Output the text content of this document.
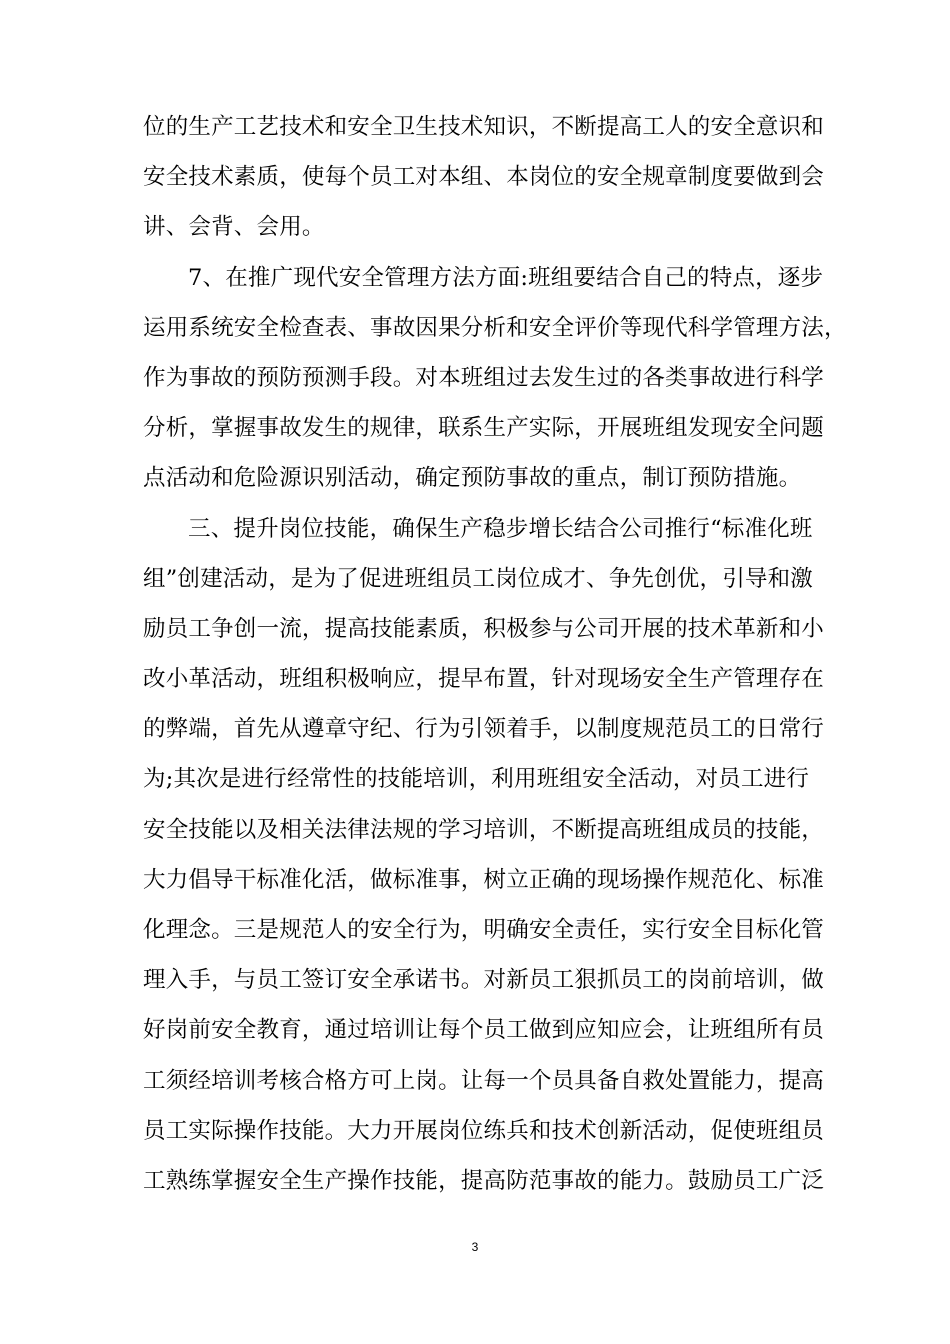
位的生产工艺技术和安全卫生技术知识，不断提高工人的安全意识和
安全技术素质，使每个员工对本组、本岗位的安全规章制度要做到会
讲、会背、会用。
7、在推广现代安全管理方法方面:班组要结合自己的特点，逐步
运用系统安全检查表、事故因果分析和安全评价等现代科学管理方法，
作为事故的预防预测手段。对本班组过去发生过的各类事故进行科学
分析，掌握事故发生的规律，联系生产实际，开展班组发现安全问题
点活动和危险源识别活动，确定预防事故的重点，制订预防措施。
三、提升岗位技能，确保生产稳步增长结合公司推行“标准化班
组”创建活动，是为了促进班组员工岗位成才、争先创优，引导和激
励员工争创一流，提高技能素质，积极参与公司开展的技术革新和小
改小革活动，班组积极响应，提早布置，针对现场安全生产管理存在
的弊端，首先从遵章守纪、行为引领着手，以制度规范员工的日常行
为;其次是进行经常性的技能培训，利用班组安全活动，对员工进行
安全技能以及相关法律法规的学习培训，不断提高班组成员的技能，
大力倡导干标准化活，做标准事，树立正确的现场操作规范化、标准
化理念。三是规范人的安全行为，明确安全责任，实行安全目标化管
理入手，与员工签订安全承诺书。对新员工狠抓员工的岗前培训，做
好岗前安全教育，通过培训让每个员工做到应知应会，让班组所有员
工须经培训考核合格方可上岗。让每一个员具备自救处置能力，提高
员工实际操作技能。大力开展岗位练兵和技术创新活动，促使班组员
工熟练掌握安全生产操作技能，提高防范事故的能力。鼓励员工广泛
3
